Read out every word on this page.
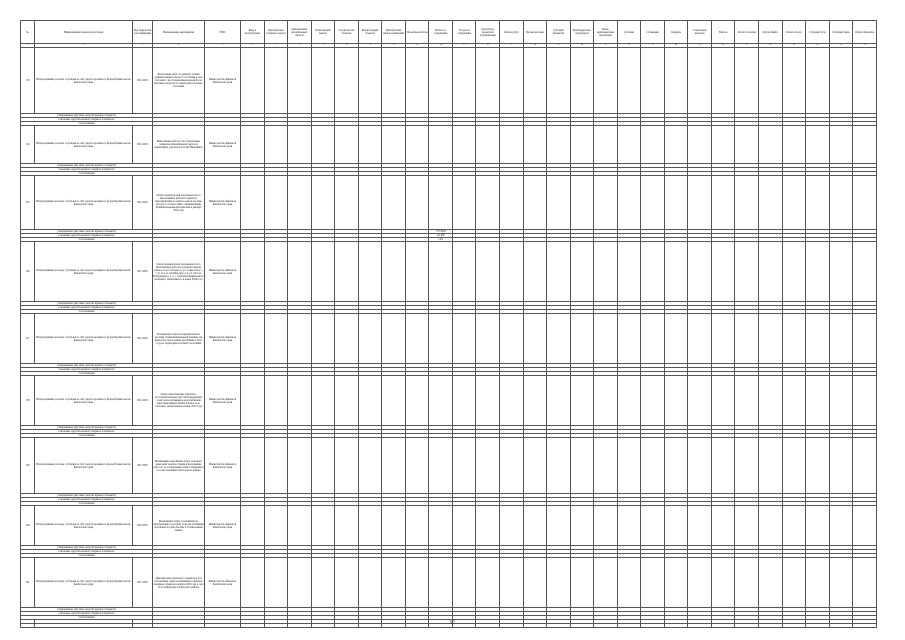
№	Наименование показателя расходов	Код бюджетной классификации	Наименование мероприятия	ГРБС	Ввод в эксплуатацию	Приобретение основных средств	Приобретение материальных запасов	Капитальный ремонт	Строительство объектов	Реконструкция объектов	Приобретение жилых помещений	Проектные работы	Работы по содержанию	Услуги по содержанию	Разработка проектной документации	Оплата работ	Прочие расходы	Субсидии бюджетам	Межбюджетные трансферты	Иные межбюджетные трансферты	Дотации	Субвенции	Кредиты	Социальные выплаты	Взносы	Оплата Сахалин	Оплата Бийск	Оплата Хасан	Субсидии Тула	Субсидии Тверь	Оплата Камчатка
1	2	3	4	5	6	7	8	9	10	11	12	13	14	15	16	17	18	19	20	21	22	23	24	25	26	27	28	29	30	31	32
133	Непрограммные расходы. Субсидии за счёт средств резервного фонда Правительства Камчатского края	99 0 4005	Выполнение работ по ремонту здания администрации сельского поселения в селе Соболево с восстановлением кровли после ветровых нагрузок на территории сельского поселения	Министерство финансов Камчатского края																											
утвержденные (местные средства краевого бюджета)																															
освоенные средства краевого бюджета в бюджетах																															
% исполнения																															
134	Непрограммные расходы. Субсидии за счёт средств резервного фонда Правительства Камчатского края	99 0 4005	Выполнение работ по восстановлению покрытия автомобильной дороги и пешеходных дорожек в поселке Вилючинск	Министерство финансов Камчатского края																											
утвержденные (местные средства краевого бюджета)																															
освоенные средства краевого бюджета в бюджетах																															
% исполнения																															
135	Непрограммные расходы. Субсидии за счёт средств резервного фонда Правительства Камчатского края	99 0 4005	Оплата кредиторской задолженности за выполненные работы по ремонту многоквартирного жилого дома в поселке Оссора, в соответствии с заключенными муниципальными контрактами в декабре 2016 года	Министерство финансов Камчатского края																											
утвержденные (местные средства краевого бюджета)													775,3058																		
освоенные средства краевого бюджета в бюджетах													111 950																		
% исполнения													14%																		
136	Непрограммные расходы. Субсидии за счёт средств резервного фонда Правительства Камчатского края	99 0 4005	Оплата кредиторской задолженности за выполненные работы по ремонту жилых домов в селе Соболево по ул. Советская д. 1, 7, 9, 11 и ул. Октябрьская д. 9, 14, 16 и ул. Набережная д. 3, 5, с учётом муниципального контракта, заключённого в конце 2016 года	Министерство финансов Камчатского края																											
утвержденные (местные средства краевого бюджета)																															
освоенные средства краевого бюджета в бюджетах																															
% исполнения																															
137	Непрограммные расходы. Субсидии за счёт средств резервного фонда Правительства Камчатского края	99 0 4005	Возмещение затрат на приобретение и доставку специализированной техники для вывоза мусора в рамках программы в 2017 году на территории сельского поселения	Министерство финансов Камчатского края																											
утвержденные (местные средства краевого бюджета)																															
освоенные средства краевого бюджета в бюджетах																															
% исполнения																															
138	Непрограммные расходы. Субсидии за счёт средств резервного фонда Правительства Камчатского края	99 0 4005	Оплата выполненных ремонтно-восстановительных работ внутридомовых сетей теплоснабжения и водоснабжения многоквартирных жилых домов в селе Соболево, заключенных в конце 2016 года	Министерство финансов Камчатского края																											
утвержденные (местные средства краевого бюджета)																															
освоенные средства краевого бюджета в бюджетах																															
% исполнения																															
139	Непрограммные расходы. Субсидии за счёт средств резервного фонда Правительства Камчатского края	99 0 4005	Возмещение понесённых затрат на ремонт дизельной электростанции и выполнение работ по восстановлению энергоснабжения в поселке Тиличики Олюторского района	Министерство финансов Камчатского края																											
утвержденные (местные средства краевого бюджета)																															
освоенные средства краевого бюджета в бюджетах																															
% исполнения																															
140	Непрограммные расходы. Субсидии за счёт средств резервного фонда Правительства Камчатского края	99 0 4005	Возмещение затрат, понесённых на приобретение и доставку угля для снабжения котельных поселка Палана в отопительный период	Министерство финансов Камчатского края																											
утвержденные (местные средства краевого бюджета)																															
освоенные средства краевого бюджета в бюджетах																															
% исполнения																															
141	Непрограммные расходы. Субсидии за счёт средств резервного фонда Правительства Камчатского края	99 0 4005	Приобретение дизельного генератора для обеспечения электроснабжением социально значимых объектов в ноябре 2016 года в селе Усть-Хайрюзово Тигильского района	Министерство финансов Камчатского края																											
утвержденные (местные средства краевого бюджета)																															
освоенные средства краевого бюджета в бюджетах																															
% исполнения																															

97
